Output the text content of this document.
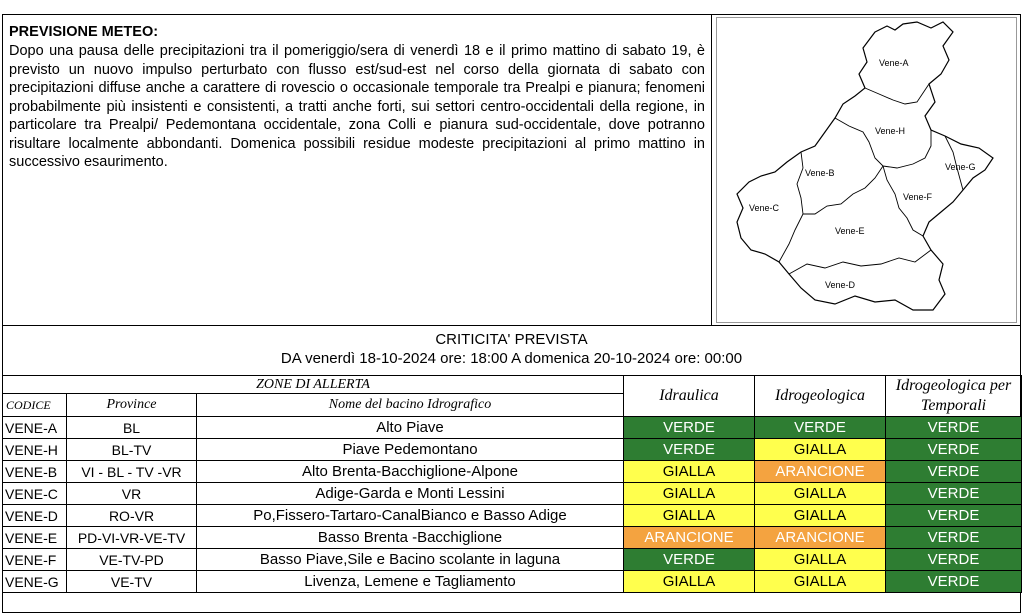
PREVISIONE METEO:
Dopo una pausa delle precipitazioni tra il pomeriggio/sera di venerdì 18 e il primo mattino di sabato 19, è previsto un nuovo impulso perturbato con flusso est/sud-est nel corso della giornata di sabato con precipitazioni diffuse anche a carattere di rovescio o occasionale temporale tra Prealpi e pianura; fenomeni probabilmente più insistenti e consistenti, a tratti anche forti, sui settori centro-occidentali della regione, in particolare tra Prealpi/ Pedemontana occidentale, zona Colli e pianura sud-occidentale, dove potranno risultare localmente abbondanti. Domenica possibili residue modeste precipitazioni al primo mattino in successivo esaurimento.
Vene-A
Vene-H
Vene-B
Vene-G
Vene-F
Vene-C
Vene-E
Vene-D
CRITICITA' PREVISTA
DA venerdì 18-10-2024 ore: 18:00 A domenica 20-10-2024 ore: 00:00
ZONE DI ALLERTA			Idraulica	Idrogeologica	Idrogeologica per Temporali
CODICE	Province	Nome del bacino Idrografico			
VENE-A	BL	Alto Piave	VERDE	VERDE	VERDE
VENE-H	BL-TV	Piave Pedemontano	VERDE	GIALLA	VERDE
VENE-B	VI - BL - TV -VR	Alto Brenta-Bacchiglione-Alpone	GIALLA	ARANCIONE	VERDE
VENE-C	VR	Adige-Garda e Monti Lessini	GIALLA	GIALLA	VERDE
VENE-D	RO-VR	Po,Fissero-Tartaro-CanalBianco e Basso Adige	GIALLA	GIALLA	VERDE
VENE-E	PD-VI-VR-VE-TV	Basso Brenta -Bacchiglione	ARANCIONE	ARANCIONE	VERDE
VENE-F	VE-TV-PD	Basso Piave,Sile e Bacino scolante in laguna	VERDE	GIALLA	VERDE
VENE-G	VE-TV	Livenza, Lemene e Tagliamento	GIALLA	GIALLA	VERDE
